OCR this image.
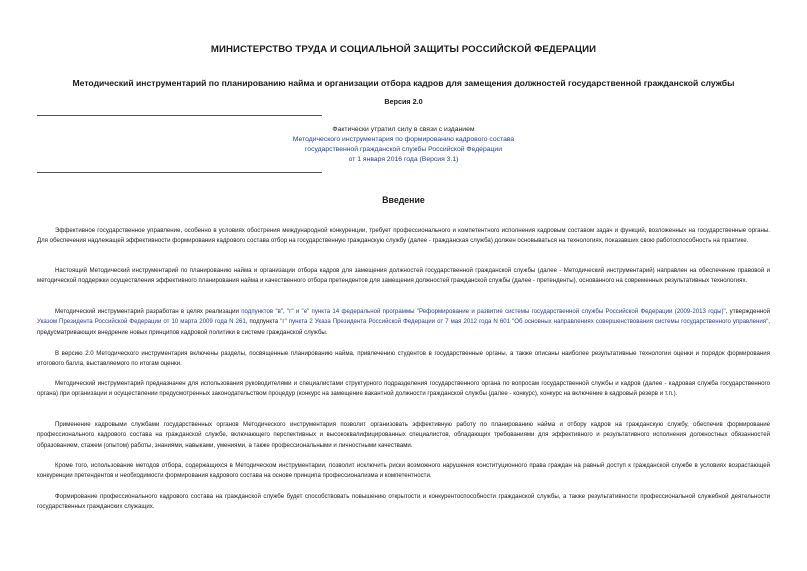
МИНИСТЕРСТВО ТРУДА И СОЦИАЛЬНОЙ ЗАЩИТЫ РОССИЙСКОЙ ФЕДЕРАЦИИ
Методический инструментарий по планированию найма и организации отбора кадров для замещения должностей государственной гражданской службы
Версия 2.0
Фактически утратил силу в связи с изданием
Методического инструментария по формированию кадрового состава
государственной гражданской службы Российской Федерации
от 1 января 2016 года (Версия 3.1)
Введение
Эффективное государственное управление, особенно в условиях обострения международной конкуренции, требует профессионального и компетентного исполнения кадровым составом задач и функций, возложенных на государственные органы. Для обеспечения надлежащей эффективности формирования кадрового состава отбор на государственную гражданскую службу (далее - гражданская служба) должен основываться на технологиях, показавших свою работоспособность на практике.
Настоящий Методический инструментарий по планированию найма и организации отбора кадров для замещения должностей государственной гражданской службы (далее - Методический инструментарий) направлен на обеспечение правовой и методической поддержки осуществления эффективного планирования найма и качественного отбора претендентов для замещения должностей гражданской службы (далее - претенденты), основанного на современных результативных технологиях.
Методический инструментарий разработан в целях реализации подпунктов "в", "г" и "е" пункта 14 федеральной программы "Реформирование и развитие системы государственной службы Российской Федерации (2009-2013 годы)", утвержденной Указом Президента Российской Федерации от 10 марта 2009 года N 261, подпункта "г" пункта 2 Указа Президента Российской Федерации от 7 мая 2012 года N 601 "Об основных направлениях совершенствования системы государственного управления", предусматривающих внедрение новых принципов кадровой политики в системе гражданской службы.
В версию 2.0 Методического инструментария включены разделы, посвященные планированию найма, привлечению студентов в государственные органы, а также описаны наиболее результативные технологии оценки и порядок формирования итогового балла, выставляемого по итогам оценки.
Методический инструментарий предназначен для использования руководителями и специалистами структурного подразделения государственного органа по вопросам государственной службы и кадров (далее - кадровая служба государственного органа) при организации и осуществлении предусмотренных законодательством процедур (конкурс на замещение вакантной должности гражданской службы (далее - конкурс), конкурс на включение в кадровый резерв и т.п.).
Применение кадровыми службами государственных органов Методического инструментария позволит организовать эффективную работу по планированию найма и отбору кадров на гражданскую службу, обеспечив формирование профессионального кадрового состава на гражданской службе, включающего перспективных и высококвалифицированных специалистов, обладающих требованиями для эффективного и результативного исполнения должностных обязанностей образованием, стажем (опытом) работы, знаниями, навыками, умениями, а также профессиональными и личностными качествами.
Кроме того, использование методов отбора, содержащихся в Методическом инструментарии, позволит исключить риски возможного нарушения конституционного права граждан на равный доступ к гражданской службе в условиях возрастающей конкуренции претендентов и необходимости формирования кадрового состава на основе принципа профессионализма и компетентности.
Формирование профессионального кадрового состава на гражданской службе будет способствовать повышению открытости и конкурентоспособности гражданской службы, а также результативности профессиональной служебной деятельности государственных гражданских служащих.
